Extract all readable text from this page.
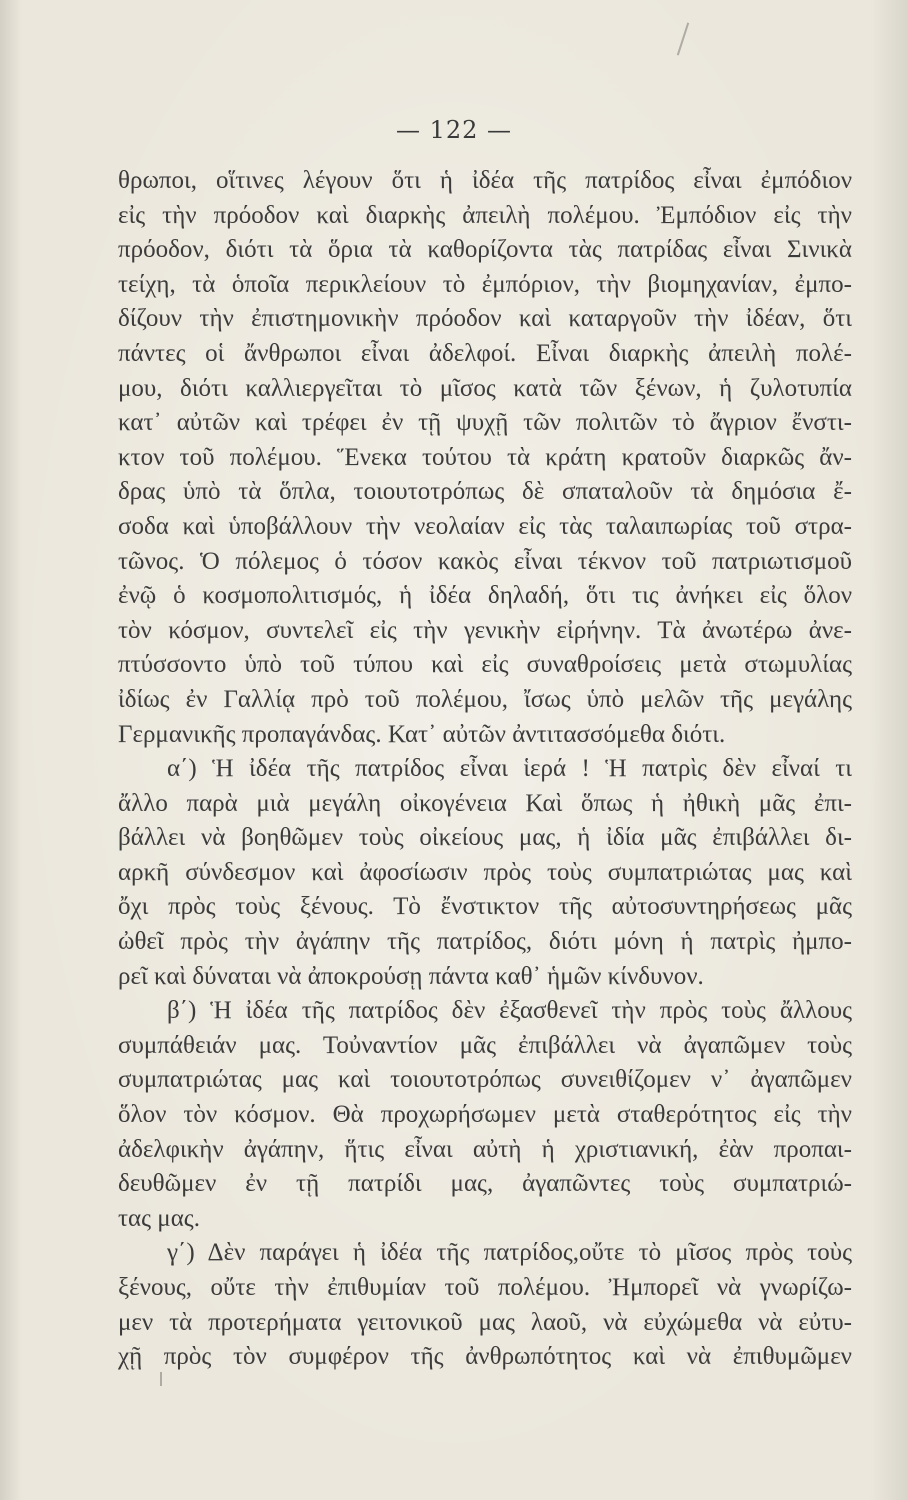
— 122 —
θρωποι, οἵτινες λέγουν ὅτι ἡ ἰδέα τῆς πατρίδος εἶναι ἐμπόδιον
εἰς τὴν πρόοδον καὶ διαρκὴς ἀπειλὴ πολέμου. Ἐμπόδιον εἰς τὴν
πρόοδον, διότι τὰ ὅρια τὰ καθορίζοντα τὰς πατρίδας εἶναι Σινικὰ
τείχη, τὰ ὁποῖα περικλείουν τὸ ἐμπόριον, τὴν βιομηχανίαν, ἐμπο-
δίζουν τὴν ἐπιστημονικὴν πρόοδον καὶ καταργοῦν τὴν ἰδέαν, ὅτι
πάντες οἱ ἄνθρωποι εἶναι ἀδελφοί. Εἶναι διαρκὴς ἀπειλὴ πολέ-
μου, διότι καλλιεργεῖται τὸ μῖσος κατὰ τῶν ξένων, ἡ ζυλοτυπία
κατ᾽ αὐτῶν καὶ τρέφει ἐν τῇ ψυχῇ τῶν πολιτῶν τὸ ἄγριον ἔνστι-
κτον τοῦ πολέμου. Ἕνεκα τούτου τὰ κράτη κρατοῦν διαρκῶς ἄν-
δρας ὑπὸ τὰ ὅπλα, τοιουτοτρόπως δὲ σπαταλοῦν τὰ δημόσια ἔ-
σοδα καὶ ὑποβάλλουν τὴν νεολαίαν εἰς τὰς ταλαιπωρίας τοῦ στρα-
τῶνος. Ὁ πόλεμος ὁ τόσον κακὸς εἶναι τέκνον τοῦ πατριωτισμοῦ
ἐνῷ ὁ κοσμοπολιτισμός, ἡ ἰδέα δηλαδή, ὅτι τις ἀνήκει εἰς ὅλον
τὸν κόσμον, συντελεῖ εἰς τὴν γενικὴν εἰρήνην. Τὰ ἀνωτέρω ἀνε-
πτύσσοντο ὑπὸ τοῦ τύπου καὶ εἰς συναθροίσεις μετὰ στωμυλίας
ἰδίως ἐν Γαλλίᾳ πρὸ τοῦ πολέμου, ἴσως ὑπὸ μελῶν τῆς μεγάλης
Γερμανικῆς προπαγάνδας. Κατ᾽ αὐτῶν ἀντιτασσόμεθα διότι.
α΄) Ἡ ἰδέα τῆς πατρίδος εἶναι ἱερά ! Ἡ πατρὶς δὲν εἶναί τι
ἄλλο παρὰ μιὰ μεγάλη οἰκογένεια Καὶ ὅπως ἡ ἠθικὴ μᾶς ἐπι-
βάλλει νὰ βοηθῶμεν τοὺς οἰκείους μας, ἡ ἰδία μᾶς ἐπιβάλλει δι-
αρκῆ σύνδεσμον καὶ ἀφοσίωσιν πρὸς τοὺς συμπατριώτας μας καὶ
ὄχι πρὸς τοὺς ξένους. Τὸ ἔνστικτον τῆς αὐτοσυντηρήσεως μᾶς
ὠθεῖ πρὸς τὴν ἀγάπην τῆς πατρίδος, διότι μόνη ἡ πατρὶς ἠμπο-
ρεῖ καὶ δύναται νὰ ἀποκρούσῃ πάντα καθ᾽ ἡμῶν κίνδυνον.
β΄) Ἡ ἰδέα τῆς πατρίδος δὲν ἐξασθενεῖ τὴν πρὸς τοὺς ἄλλους
συμπάθειάν μας. Τοὐναντίον μᾶς ἐπιβάλλει νὰ ἀγαπῶμεν τοὺς
συμπατριώτας μας καὶ τοιουτοτρόπως συνειθίζομεν ν᾽ ἀγαπῶμεν
ὅλον τὸν κόσμον. Θὰ προχωρήσωμεν μετὰ σταθερότητος εἰς τὴν
ἀδελφικὴν ἀγάπην, ἥτις εἶναι αὐτὴ ἡ χριστιανική, ἐὰν προπαι-
δευθῶμεν ἐν τῇ πατρίδι μας, ἀγαπῶντες τοὺς συμπατριώ-
τας μας.
γ΄) Δὲν παράγει ἡ ἰδέα τῆς πατρίδος,οὔτε τὸ μῖσος πρὸς τοὺς
ξένους, οὔτε τὴν ἐπιθυμίαν τοῦ πολέμου. Ἠμπορεῖ νὰ γνωρίζω-
μεν τὰ προτερήματα γειτονικοῦ μας λαοῦ, νὰ εὐχώμεθα νὰ εὐτυ-
χῇ πρὸς τὸν συμφέρον τῆς ἀνθρωπότητος καὶ νὰ ἐπιθυμῶμεν
